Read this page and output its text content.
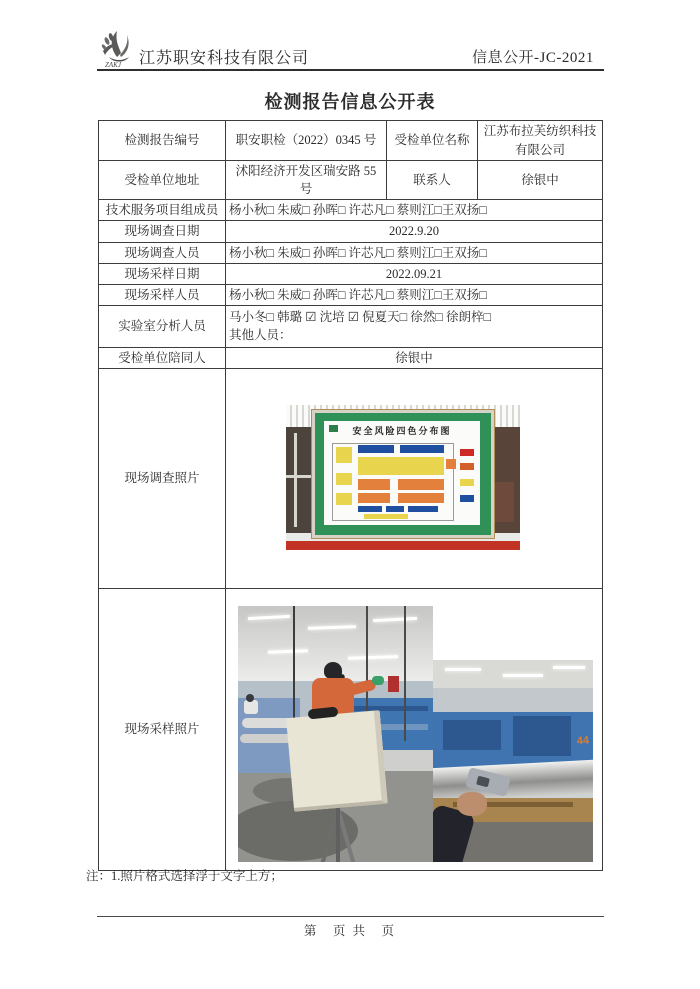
ZAKJ 江苏职安科技有限公司	信息公开-JC-2021
检测报告信息公开表
检测报告编号	职安职检（2022）0345 号	受检单位名称	江苏布拉芙纺织科技有限公司
受检单位地址	沭阳经济开发区瑞安路 55 号	联系人	徐银中
技术服务项目组成员	杨小秋□ 朱威□ 孙晖□ 许芯凡□ 蔡则江□王双扬□		
现场调查日期	2022.9.20		
现场调查人员	杨小秋□ 朱威□ 孙晖□ 许芯凡□ 蔡则江□王双扬□		
现场采样日期	2022.09.21		
现场采样人员	杨小秋□ 朱威□ 孙晖□ 许芯凡□ 蔡则江□王双扬□		
实验室分析人员	马小冬□ 韩璐 ☑ 沈培 ☑ 倪夏天□ 徐然□ 徐朗梓□
其他人员：		

受检单位陪同人	徐银中		
现场调查照片	安全风险四色分布图		

现场采样照片	44		
注：1.照片格式选择浮于文字上方；
第　页 共　页
